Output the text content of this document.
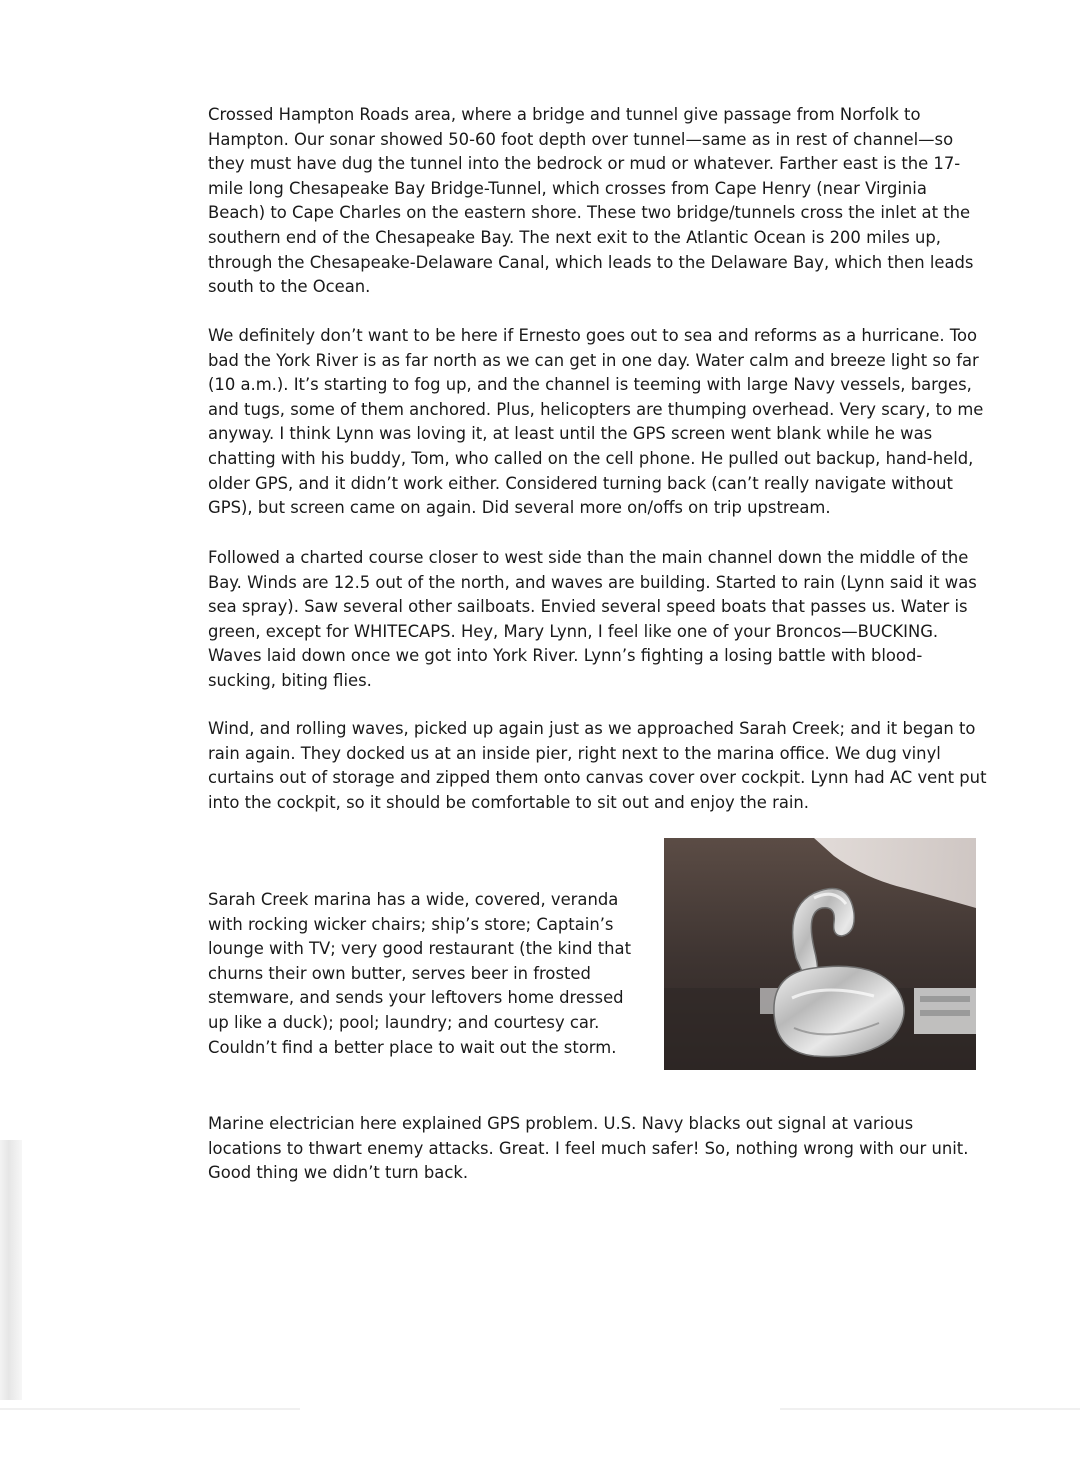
Crossed Hampton Roads area, where a bridge and tunnel give passage from Norfolk to Hampton. Our sonar showed 50-60 foot depth over tunnel—same as in rest of channel—so they must have dug the tunnel into the bedrock or mud or whatever. Farther east is the 17-mile long Chesapeake Bay Bridge-Tunnel, which crosses from Cape Henry (near Virginia Beach) to Cape Charles on the eastern shore. These two bridge/tunnels cross the inlet at the southern end of the Chesapeake Bay. The next exit to the Atlantic Ocean is 200 miles up, through the Chesapeake-Delaware Canal, which leads to the Delaware Bay, which then leads south to the Ocean.

We definitely don’t want to be here if Ernesto goes out to sea and reforms as a hurricane. Too bad the York River is as far north as we can get in one day. Water calm and breeze light so far (10 a.m.). It’s starting to fog up, and the channel is teeming with large Navy vessels, barges, and tugs, some of them anchored. Plus, helicopters are thumping overhead. Very scary, to me anyway. I think Lynn was loving it, at least until the GPS screen went blank while he was chatting with his buddy, Tom, who called on the cell phone. He pulled out backup, hand-held, older GPS, and it didn’t work either. Considered turning back (can’t really navigate without GPS), but screen came on again. Did several more on/offs on trip upstream.

Followed a charted course closer to west side than the main channel down the middle of the Bay. Winds are 12.5 out of the north, and waves are building. Started to rain (Lynn said it was sea spray). Saw several other sailboats. Envied several speed boats that passes us. Water is green, except for WHITECAPS. Hey, Mary Lynn, I feel like one of your Broncos—BUCKING. Waves laid down once we got into York River. Lynn’s fighting a losing battle with blood-sucking, biting flies.

Wind, and rolling waves, picked up again just as we approached Sarah Creek; and it began to rain again. They docked us at an inside pier, right next to the marina office. We dug vinyl curtains out of storage and zipped them onto canvas cover over cockpit. Lynn had AC vent put into the cockpit, so it should be comfortable to sit out and enjoy the rain.

Sarah Creek marina has a wide, covered, veranda with rocking wicker chairs; ship’s store; Captain’s lounge with TV; very good restaurant (the kind that churns their own butter, serves beer in frosted stemware, and sends your leftovers home dressed up like a duck); pool; laundry; and courtesy car. Couldn’t find a better place to wait out the storm.

Marine electrician here explained GPS problem. U.S. Navy blacks out signal at various locations to thwart enemy attacks. Great. I feel much safer! So, nothing wrong with our unit. Good thing we didn’t turn back.
